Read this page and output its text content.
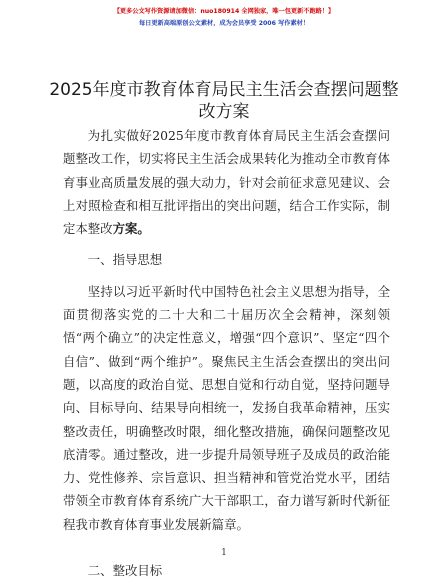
【更多公文写作资源请加微信：nuo180914 全网独家，唯一包更新不跑路！】
每日更新高端原创公文素材，成为会员享受 2006 写作素材！
2025年度市教育体育局民主生活会查摆问题整改方案

为扎实做好2025年度市教育体育局民主生活会查摆问题整改工作，切实将民主生活会成果转化为推动全市教育体育事业高质量发展的强大动力，针对会前征求意见建议、会上对照检查和相互批评指出的突出问题，结合工作实际，制定本整改方案。

一、指导思想

坚持以习近平新时代中国特色社会主义思想为指导，全面贯彻落实党的二十大和二十届历次全会精神，深刻领悟“两个确立”的决定性意义，增强“四个意识”、坚定“四个自信”、做到“两个维护”。聚焦民主生活会查摆出的突出问题，以高度的政治自觉、思想自觉和行动自觉，坚持问题导向、目标导向、结果导向相统一，发扬自我革命精神，压实整改责任，明确整改时限，细化整改措施，确保问题整改见底清零。通过整改，进一步提升局领导班子及成员的政治能力、党性修养、宗旨意识、担当精神和管党治党水平，团结带领全市教育体育系统广大干部职工，奋力谱写新时代新征程我市教育体育事业发展新篇章。

二、整改目标

1
